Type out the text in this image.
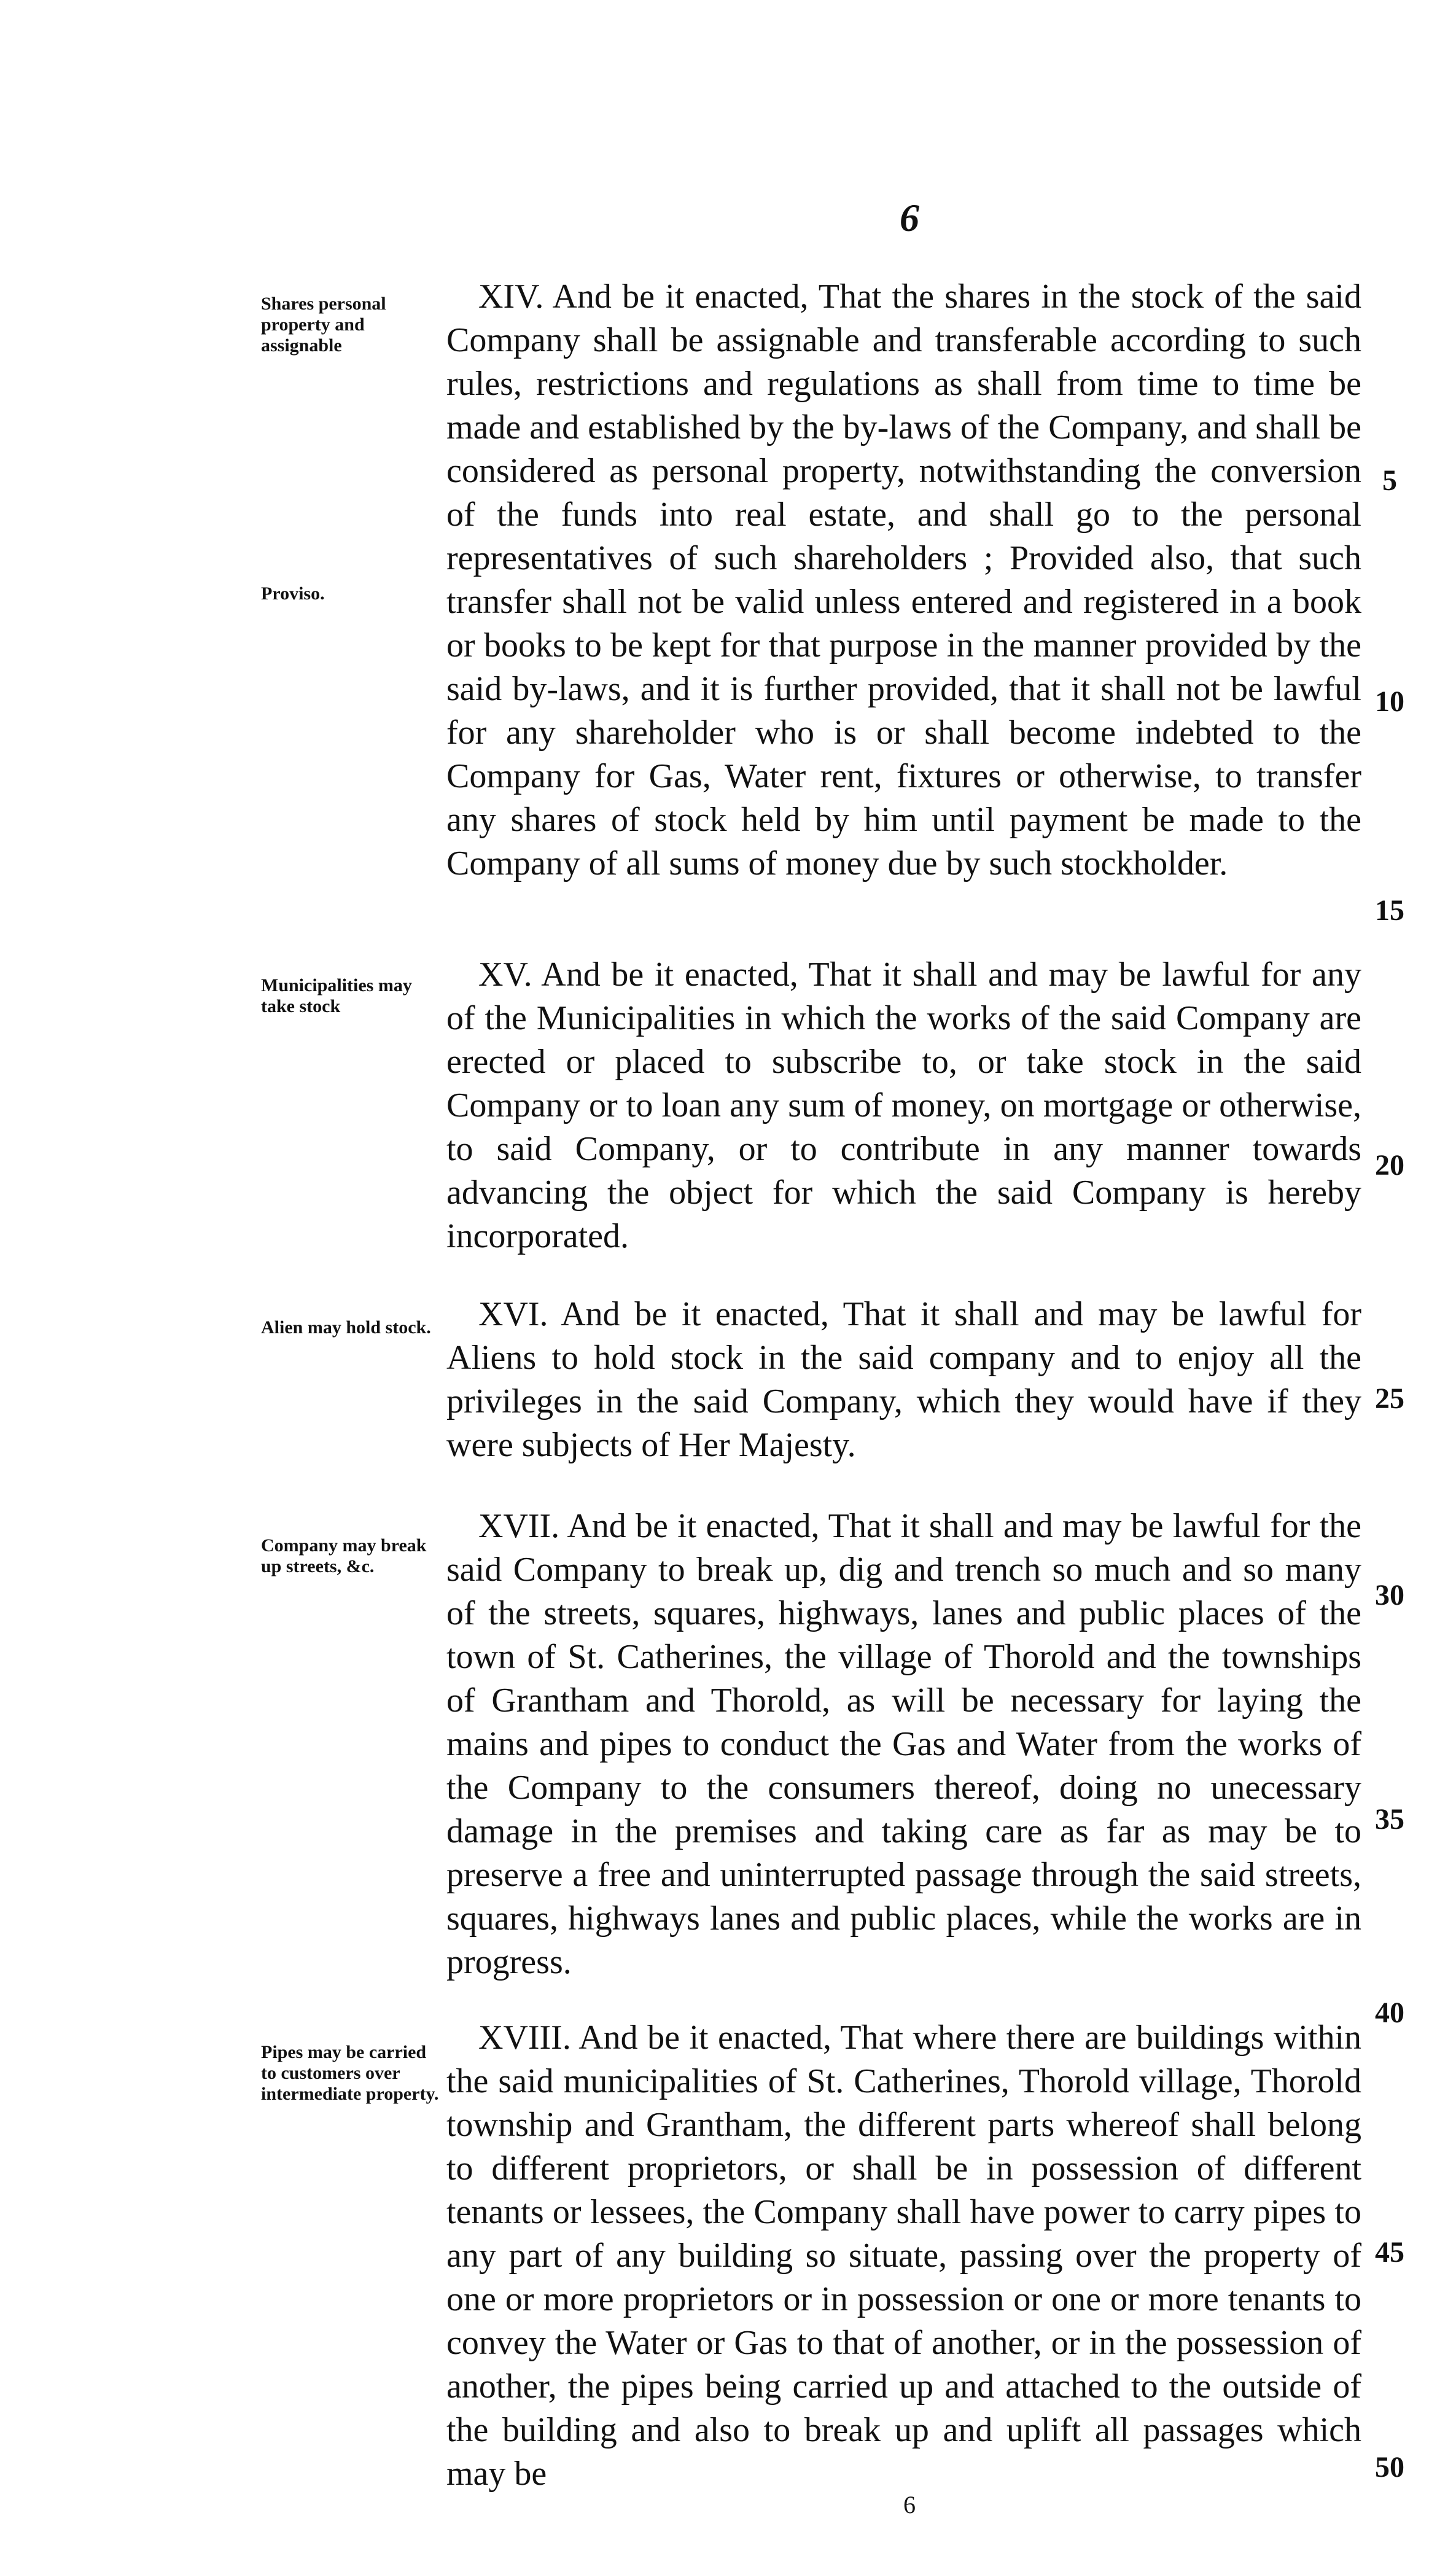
6
Shares personal property and assignable
Proviso.
XIV. And be it enacted, That the shares in the stock of the said Company shall be assignable and transferable according to such rules, restrictions and regulations as shall from time to time be made and established by the by-laws of the Company, and shall be considered as personal property, notwithstanding the conversion of the funds into real estate, and shall go to the personal representatives of such shareholders ; Provided also, that such transfer shall not be valid unless entered and registered in a book or books to be kept for that purpose in the manner provided by the said by-laws, and it is further provided, that it shall not be lawful for any shareholder who is or shall become indebted to the Company for Gas, Water rent, fixtures or otherwise, to transfer any shares of stock held by him until payment be made to the Company of all sums of money due by such stockholder.
Municipalities may take stock
XV. And be it enacted, That it shall and may be lawful for any of the Municipalities in which the works of the said Company are erected or placed to subscribe to, or take stock in the said Company or to loan any sum of money, on mortgage or otherwise, to said Company, or to contribute in any manner towards advancing the object for which the said Company is hereby incorporated.
Alien may hold stock.	XVI. And be it enacted, That it shall and may be lawful for Aliens to hold stock in the said company and to enjoy all the privileges in the said Company, which they would have if they were subjects of Her Majesty.
Company may break up streets, &c.
XVII. And be it enacted, That it shall and may be lawful for the said Company to break up, dig and trench so much and so many of the streets, squares, highways, lanes and public places of the town of St. Catherines, the village of Thorold and the townships of Grantham and Thorold, as will be necessary for laying the mains and pipes to conduct the Gas and Water from the works of the Company to the consumers thereof, doing no unecessary damage in the premises and taking care as far as may be to preserve a free and uninterrupted passage through the said streets, squares, highways lanes and public places, while the works are in progress.
Pipes may be carried to customers over intermediate property.
XVIII. And be it enacted, That where there are buildings within the said municipalities of St. Catherines, Thorold village, Thorold township and Grantham, the different parts whereof shall belong to different proprietors, or shall be in possession of different tenants or lessees, the Company shall have power to carry pipes to any part of any building so situate, passing over the property of one or more proprietors or in possession or one or more tenants to convey the Water or Gas to that of another, or in the possession of another, the pipes being carried up and attached to the outside of the building and also to break up and uplift all passages which may be
5
10
15
20
25
30
35
40
45
50
6
